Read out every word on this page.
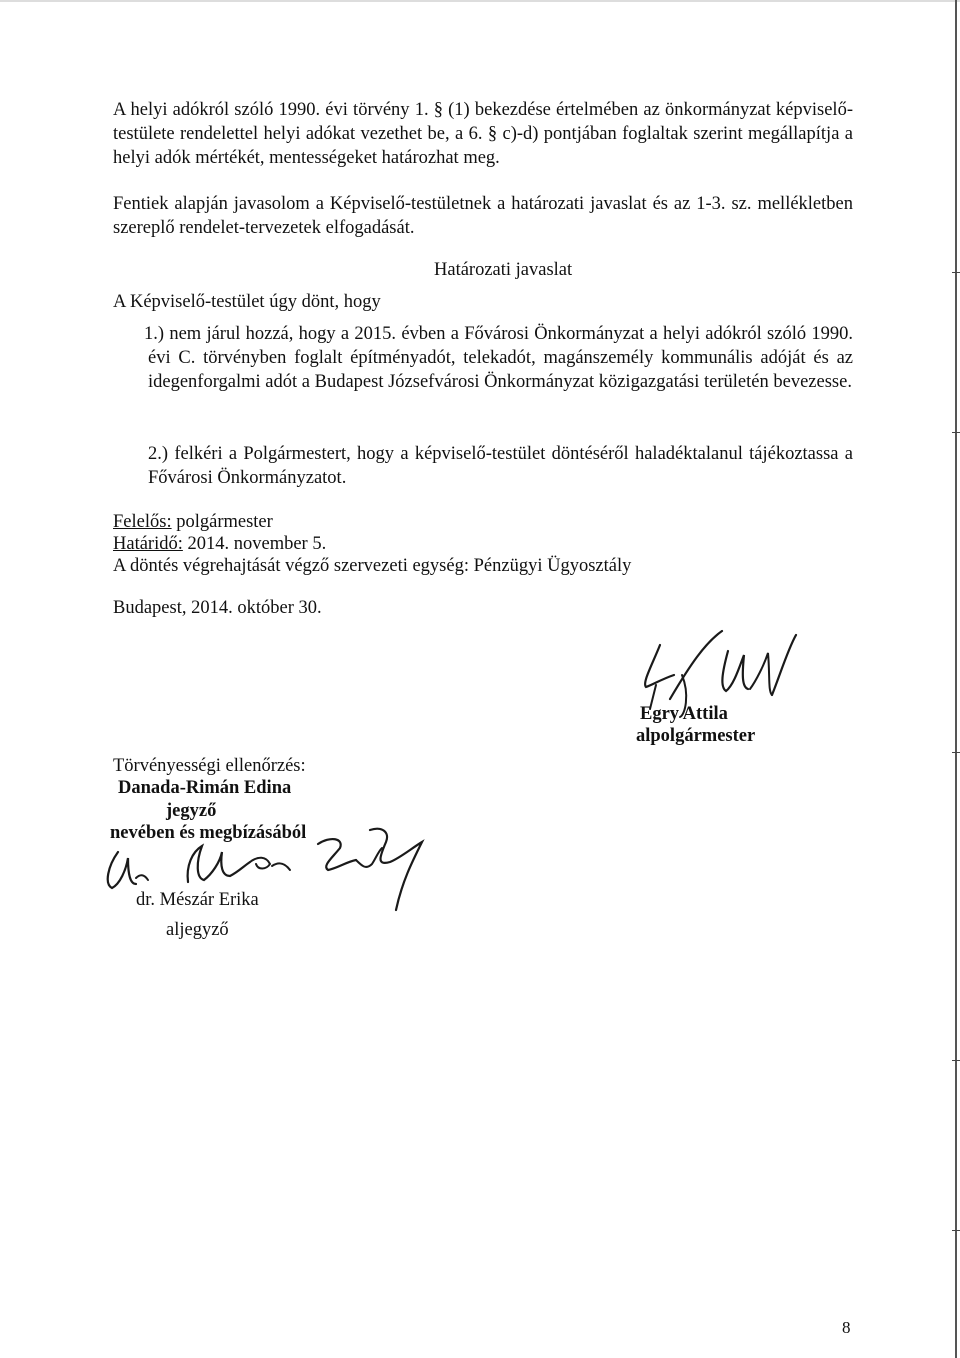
A helyi adókról szóló 1990. évi törvény 1. § (1) bekezdése értelmében az önkormányzat képviselő-testülete rendelettel helyi adókat vezethet be, a 6. § c)-d) pontjában foglaltak szerint megállapítja a helyi adók mértékét, mentességeket határozhat meg.
Fentiek alapján javasolom a Képviselő-testületnek a határozati javaslat és az 1-3. sz. mellékletben szereplő rendelet-tervezetek elfogadását.
Határozati javaslat
A Képviselő-testület úgy dönt, hogy
1.) nem járul hozzá, hogy a 2015. évben a Fővárosi Önkormányzat a helyi adókról szóló 1990. évi C. törvényben foglalt építményadót, telekadót, magánszemély kommunális adóját és az idegenforgalmi adót a Budapest Józsefvárosi Önkormányzat közigazgatási területén bevezesse.
2.) felkéri a Polgármestert, hogy a képviselő-testület döntéséről haladéktalanul tájékoztassa a Fővárosi Önkormányzatot.
Felelős: polgármester
Határidő: 2014. november 5.
A döntés végrehajtását végző szervezeti egység: Pénzügyi Ügyosztály
Budapest, 2014. október 30.
Egry Attila
alpolgármester
Törvényességi ellenőrzés:
Danada-Rimán Edina
jegyző
nevében és megbízásából
dr. Mészár Erika
aljegyző
8
